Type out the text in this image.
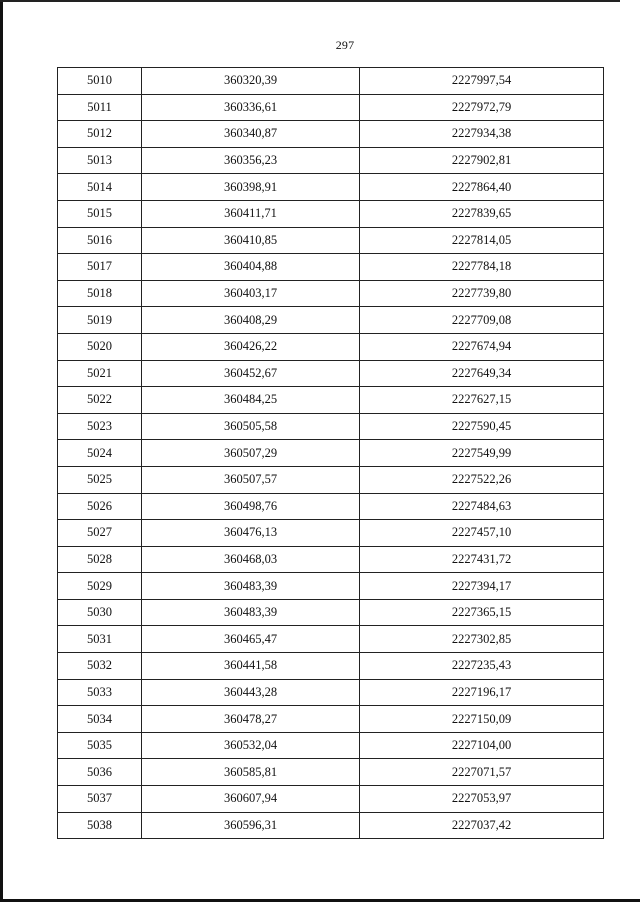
297
5010	360320,39	2227997,54
5011	360336,61	2227972,79
5012	360340,87	2227934,38
5013	360356,23	2227902,81
5014	360398,91	2227864,40
5015	360411,71	2227839,65
5016	360410,85	2227814,05
5017	360404,88	2227784,18
5018	360403,17	2227739,80
5019	360408,29	2227709,08
5020	360426,22	2227674,94
5021	360452,67	2227649,34
5022	360484,25	2227627,15
5023	360505,58	2227590,45
5024	360507,29	2227549,99
5025	360507,57	2227522,26
5026	360498,76	2227484,63
5027	360476,13	2227457,10
5028	360468,03	2227431,72
5029	360483,39	2227394,17
5030	360483,39	2227365,15
5031	360465,47	2227302,85
5032	360441,58	2227235,43
5033	360443,28	2227196,17
5034	360478,27	2227150,09
5035	360532,04	2227104,00
5036	360585,81	2227071,57
5037	360607,94	2227053,97
5038	360596,31	2227037,42
